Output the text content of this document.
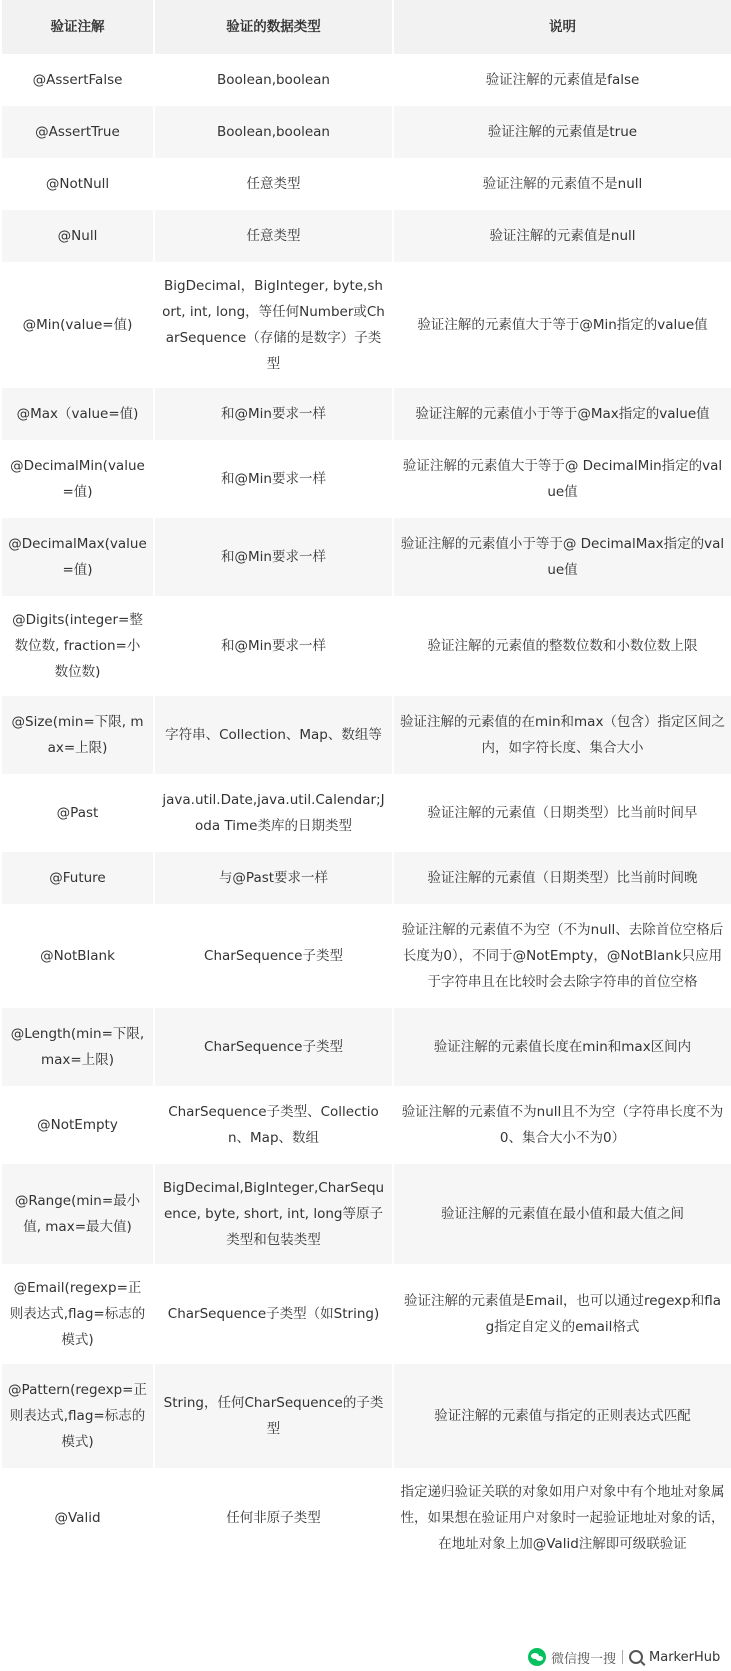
验证注解	验证的数据类型	说明
@AssertFalse	Boolean,boolean	验证注解的元素值是false
@AssertTrue	Boolean,boolean	验证注解的元素值是true
@NotNull	任意类型	验证注解的元素值不是null
@Null	任意类型	验证注解的元素值是null
@Min(value=值)	BigDecimal，BigInteger, byte,short, int, long，等任何Number或CharSequence（存储的是数字）子类型	验证注解的元素值大于等于@Min指定的value值
@Max（value=值)	和@Min要求一样	验证注解的元素值小于等于@Max指定的value值
@DecimalMin(value=值)	和@Min要求一样	验证注解的元素值大于等于@ DecimalMin指定的value值
@DecimalMax(value=值)	和@Min要求一样	验证注解的元素值小于等于@ DecimalMax指定的value值
@Digits(integer=整数位数, fraction=小数位数)	和@Min要求一样	验证注解的元素值的整数位数和小数位数上限
@Size(min=下限, max=上限)	字符串、Collection、Map、数组等	验证注解的元素值的在min和max（包含）指定区间之内，如字符长度、集合大小
@Past	java.util.Date,java.util.Calendar;Joda Time类库的日期类型	验证注解的元素值（日期类型）比当前时间早
@Future	与@Past要求一样	验证注解的元素值（日期类型）比当前时间晚
@NotBlank	CharSequence子类型	验证注解的元素值不为空（不为null、去除首位空格后长度为0），不同于@NotEmpty，@NotBlank只应用于字符串且在比较时会去除字符串的首位空格
@Length(min=下限, max=上限)	CharSequence子类型	验证注解的元素值长度在min和max区间内
@NotEmpty	CharSequence子类型、Collection、Map、数组	验证注解的元素值不为null且不为空（字符串长度不为0、集合大小不为0）
@Range(min=最小值, max=最大值)	BigDecimal,BigInteger,CharSequence, byte, short, int, long等原子类型和包装类型	验证注解的元素值在最小值和最大值之间
@Email(regexp=正则表达式,flag=标志的模式)	CharSequence子类型（如String)	验证注解的元素值是Email，也可以通过regexp和flag指定自定义的email格式
@Pattern(regexp=正则表达式,flag=标志的模式)	String，任何CharSequence的子类型	验证注解的元素值与指定的正则表达式匹配
@Valid	任何非原子类型	指定递归验证关联的对象如用户对象中有个地址对象属性，如果想在验证用户对象时一起验证地址对象的话，在地址对象上加@Valid注解即可级联验证
微信搜一搜	MarkerHub
